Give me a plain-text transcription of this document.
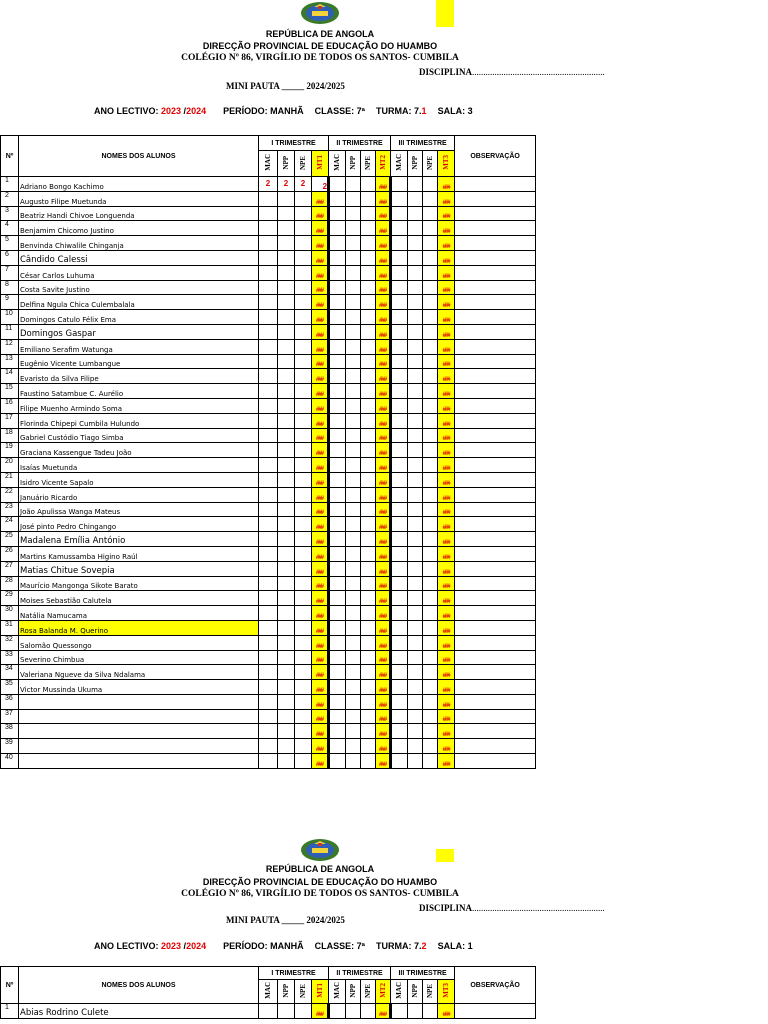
REPÚBLICA DE ANGOLA
DIRECÇÃO PROVINCIAL DE EDUCAÇÃO DO HUAMBO
COLÉGIO Nº 86, VIRGÍLIO DE TODOS OS SANTOS- CUMBILA
DISCIPLINA...........................................................
MINI PAUTA _____ 2024/2025
ANO LECTIVO: 2023 /2024 PERÍODO: MANHÃ CLASSE: 7ª TURMA: 7.1 SALA: 3
Nº	NOMES DOS ALUNOS	I TRIMESTRE				II TRIMESTRE				III TRIMESTRE				OBSERVAÇÃO
		MAC	NPP	NPE	MT1	MAC	NPP	NPE	MT2	MAC	NPP	NPE	MT3	
1	Adriano Bongo Kachimo	2	2	2	2				###				###	
2	Augusto Filipe Muetunda				###				###				###	
3	Beatriz Handi Chivoe Longuenda				###				###				###	
4	Benjamim Chicomo Justino				###				###				###	
5	Benvinda Chiwalile Chinganja				###				###				###	
6	Cândido Calessi				###				###				###	
7	César Carlos Luhuma				###				###				###	
8	Costa Savite Justino				###				###				###	
9	Delfina Ngula Chica Culembalala				###				###				###	
10	Domingos Catulo Félix Ema				###				###				###	
11	Domingos Gaspar				###				###				###	
12	Emiliano Serafim Watunga				###				###				###	
13	Eugênio Vicente Lumbangue				###				###				###	
14	Evaristo da Silva Filipe				###				###				###	
15	Faustino Satambue C. Aurélio				###				###				###	
16	Filipe Muenho Armindo Soma				###				###				###	
17	Florinda Chipepi Cumbila Hulundo				###				###				###	
18	Gabriel Custódio Tiago Simba				###				###				###	
19	Graciana Kassengue Tadeu João				###				###				###	
20	Isaías Muetunda				###				###				###	
21	Isidro Vicente Sapalo				###				###				###	
22	Januário Ricardo				###				###				###	
23	João Apulissa Wanga Mateus				###				###				###	
24	José pinto Pedro Chingango				###				###				###	
25	Madalena Emília António				###				###				###	
26	Martins Kamussamba Higino Raúl				###				###				###	
27	Matias Chitue Sovepia				###				###				###	
28	Maurício Mangonga Sikote Barato				###				###				###	
29	Moises Sebastião Calutela				###				###				###	
30	Natália Namucama				###				###				###	
31	Rosa Balanda M. Querino				###				###				###	
32	Salomão Quessongo				###				###				###	
33	Severino Chimbua				###				###				###	
34	Valeriana Ngueve da Silva Ndalama				###				###				###	
35	Victor Mussinda Ukuma				###				###				###	
36					###				###				###	
37					###				###				###	
38					###				###				###	
39					###				###				###	
40					###				###				###	
REPÚBLICA DE ANGOLA
DIRECÇÃO PROVINCIAL DE EDUCAÇÃO DO HUAMBO
COLÉGIO Nº 86, VIRGÍLIO DE TODOS OS SANTOS- CUMBILA
DISCIPLINA...........................................................
MINI PAUTA _____ 2024/2025
ANO LECTIVO: 2023 /2024 PERÍODO: MANHÃ CLASSE: 7ª TURMA: 7.2 SALA: 1
Nº	NOMES DOS ALUNOS	I TRIMESTRE				II TRIMESTRE				III TRIMESTRE				OBSERVAÇÃO
		MAC	NPP	NPE	MT1	MAC	NPP	NPE	MT2	MAC	NPP	NPE	MT3	
1	Abias Rodrino Culete				###				###				###	
